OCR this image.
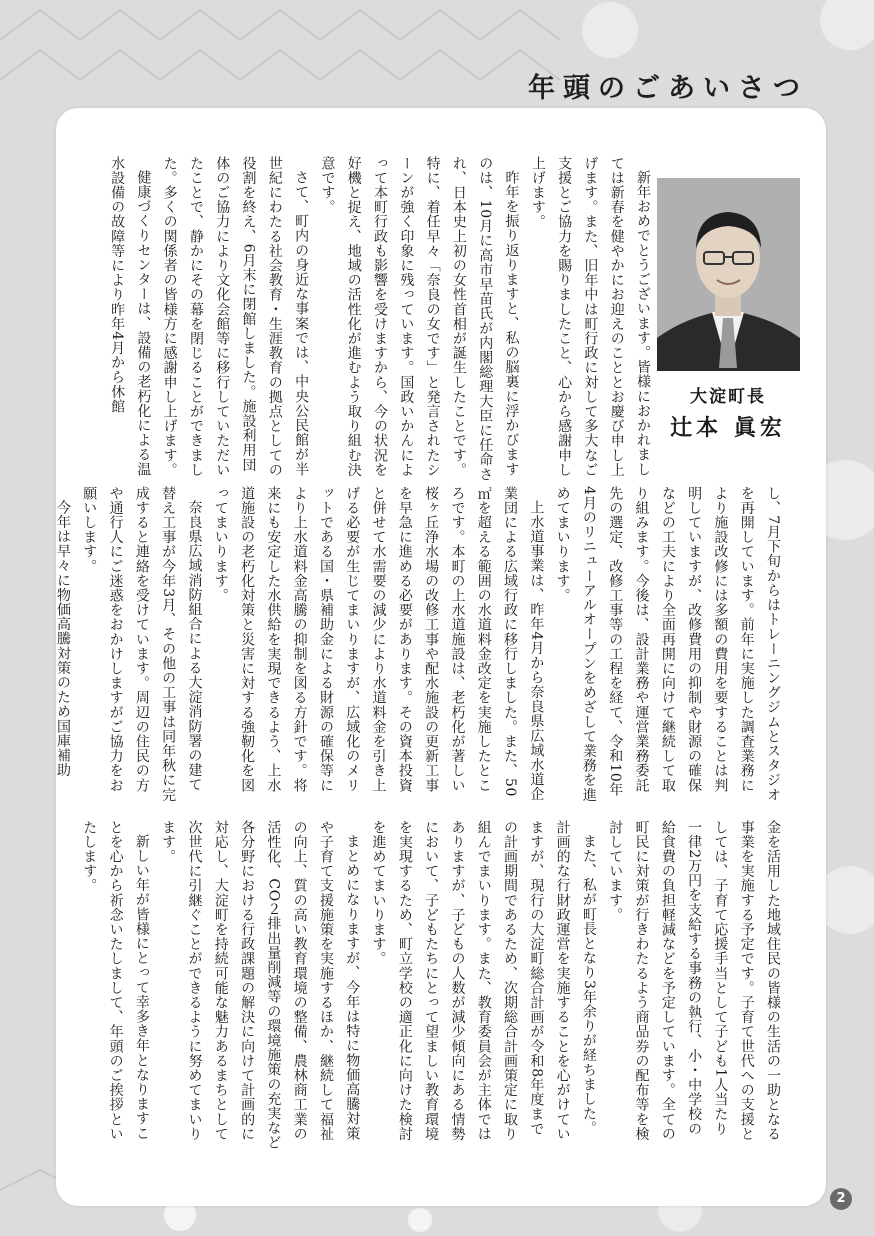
年頭のごあいさつ
大淀町長
辻本 眞宏

新年おめでとうございます。皆様におかれましては新春を健やかにお迎えのこととお慶び申し上げます。また、旧年中は町行政に対して多大なご支援とご協力を賜りましたこと、心から感謝申し上げます。

昨年を振り返りますと、私の脳裏に浮かびますのは、10月に高市早苗氏が内閣総理大臣に任命され、日本史上初の女性首相が誕生したことです。特に、着任早々「奈良の女です」と発言されたシーンが強く印象に残っています。国政いかんによって本町行政も影響を受けますから、今の状況を好機と捉え、地域の活性化が進むよう取り組む決意です。

さて、町内の身近な事案では、中央公民館が半世紀にわたる社会教育・生涯教育の拠点としての役割を終え、6月末に閉館しました。施設利用団体のご協力により文化会館等に移行していただいたことで、静かにその幕を閉じることができました。多くの関係者の皆様方に感謝申し上げます。

健康づくりセンターは、設備の老朽化による温水設備の故障等により昨年4月から休館

し、7月下旬からはトレーニングジムとスタジオを再開しています。前年に実施した調査業務により施設改修には多額の費用を要することは判明していますが、改修費用の抑制や財源の確保などの工夫により全面再開に向けて継続して取り組みます。今後は、設計業務や運営業務委託先の選定、改修工事等の工程を経て、令和10年4月のリニューアルオープンをめざして業務を進めてまいります。

上水道事業は、昨年4月から奈良県広域水道企業団による広域行政に移行しました。また、50㎡を超える範囲の水道料金改定を実施したところです。本町の上水道施設は、老朽化が著しい桜ヶ丘浄水場の改修工事や配水施設の更新工事を早急に進める必要があります。その資本投資と併せて水需要の減少により水道料金を引き上げる必要が生じてまいりますが、広域化のメリットである国・県補助金による財源の確保等により上水道料金高騰の抑制を図る方針です。将来にも安定した水供給を実現できるよう、上水道施設の老朽化対策と災害に対する強靭化を図ってまいります。

奈良県広域消防組合による大淀消防署の建て替え工事が今年3月、その他の工事は同年秋に完成すると連絡を受けています。周辺の住民の方や通行人にご迷惑をおかけしますがご協力をお願いします。

今年は早々に物価高騰対策のため国庫補助

金を活用した地域住民の皆様の生活の一助となる事業を実施する予定です。子育て世代への支援としては、子育て応援手当として子ども1人当たり一律2万円を支給する事務の執行、小・中学校の給食費の負担軽減などを予定しています。全ての町民に対策が行きわたるよう商品券の配布等を検討しています。

また、私が町長となり3年余りが経ちました。計画的な行財政運営を実施することを心がけていますが、現行の大淀町総合計画が令和8年度までの計画期間であるため、次期総合計画策定に取り組んでまいります。また、教育委員会が主体ではありますが、子どもの人数が減少傾向にある情勢において、子どもたちにとって望ましい教育環境を実現するため、町立学校の適正化に向けた検討を進めてまいります。

まとめになりますが、今年は特に物価高騰対策や子育て支援施策を実施するほか、継続して福祉の向上、質の高い教育環境の整備、農林商工業の活性化、CO２排出量削減等の環境施策の充実など各分野における行政課題の解決に向けて計画的に対応し、大淀町を持続可能な魅力あるまちとして次世代に引継ぐことができるように努めてまいります。

新しい年が皆様にとって幸多き年となりますことを心から祈念いたしまして、年頭のご挨拶といたします。

2
